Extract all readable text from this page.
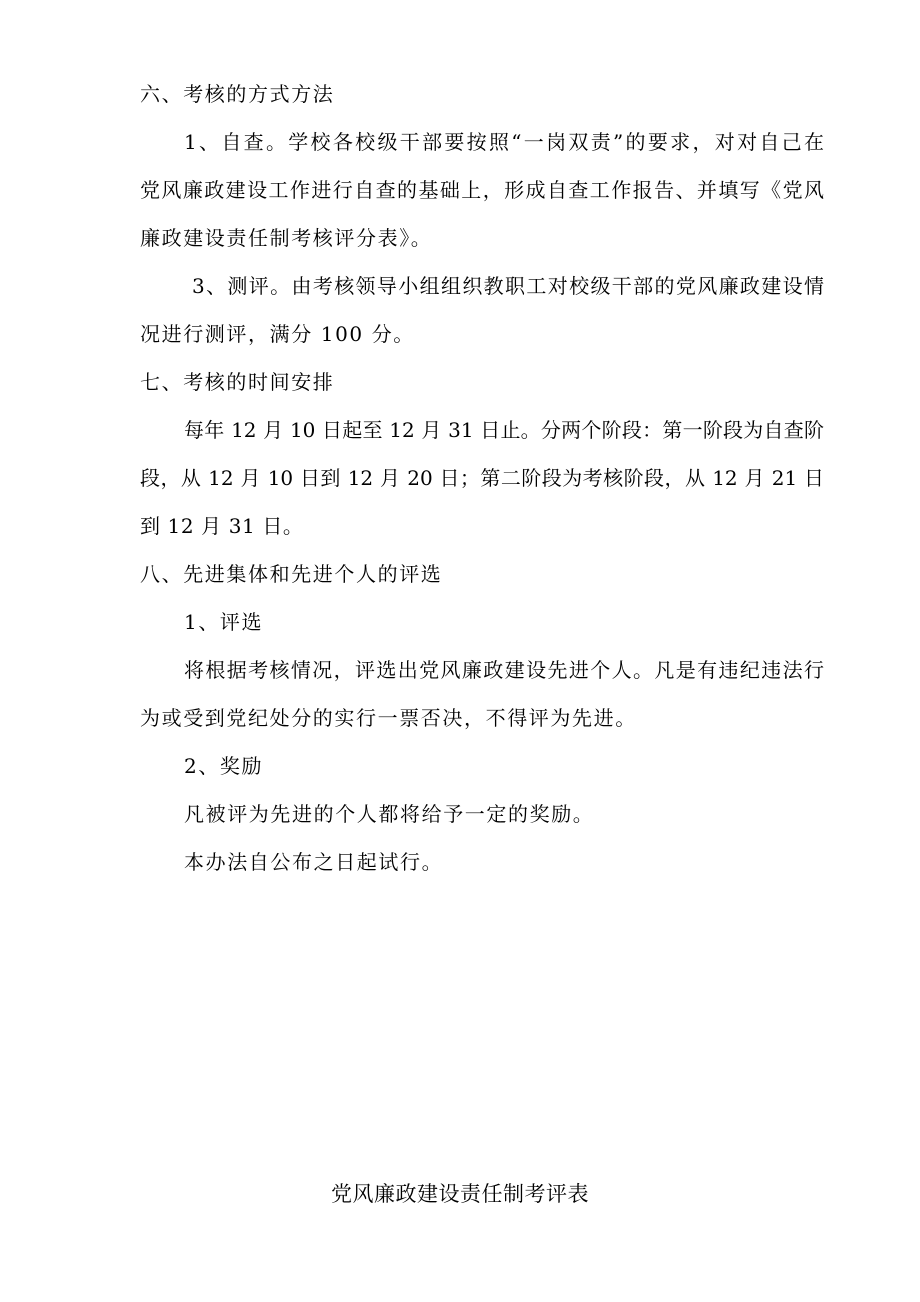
六、考核的方式方法
1、自查。学校各校级干部要按照“一岗双责”的要求，对对自己在
党风廉政建设工作进行自查的基础上，形成自查工作报告、并填写《党风
廉政建设责任制考核评分表》。
3、测评。由考核领导小组组织教职工对校级干部的党风廉政建设情
况进行测评，满分 100 分。
七、考核的时间安排
每年 12 月 10 日起至 12 月 31 日止。分两个阶段：第一阶段为自查阶
段，从 12 月 10 日到 12 月 20 日；第二阶段为考核阶段，从 12 月 21 日
到 12 月 31 日。
八、先进集体和先进个人的评选
1、评选
将根据考核情况，评选出党风廉政建设先进个人。凡是有违纪违法行
为或受到党纪处分的实行一票否决，不得评为先进。
2、奖励
凡被评为先进的个人都将给予一定的奖励。
本办法自公布之日起试行。
党风廉政建设责任制考评表
